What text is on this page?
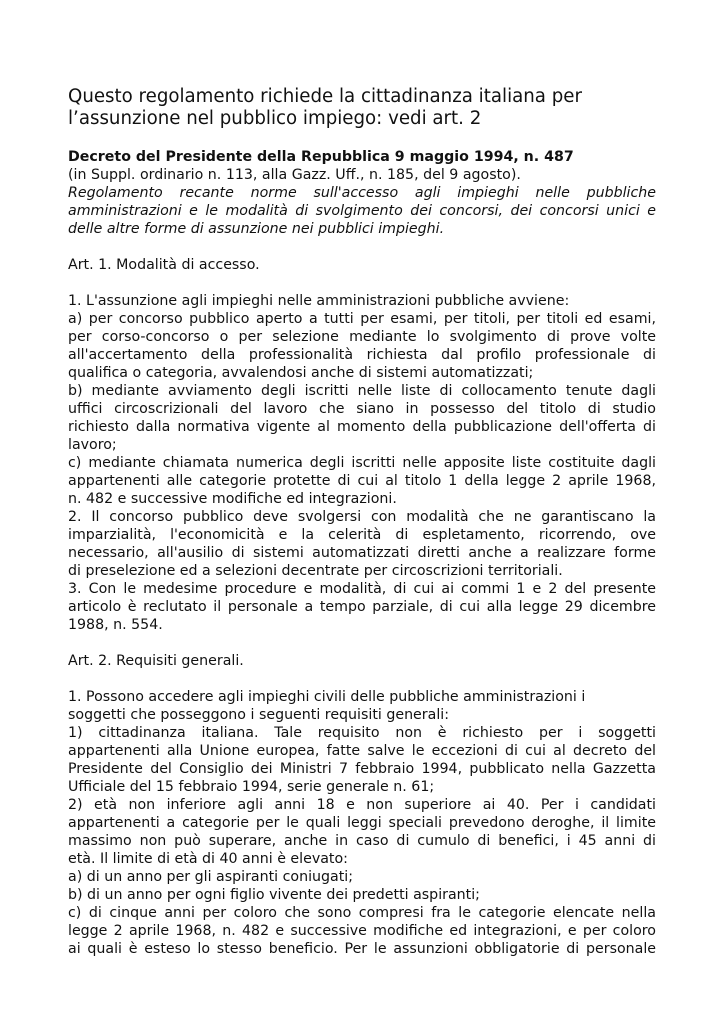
Questo regolamento richiede la cittadinanza italiana per
l’assunzione nel pubblico impiego: vedi art. 2
Decreto del Presidente della Repubblica 9 maggio 1994, n. 487
(in Suppl. ordinario n. 113, alla Gazz. Uff., n. 185, del 9 agosto).
Regolamento recante norme sull'accesso agli impieghi nelle pubbliche
amministrazioni e le modalità di svolgimento dei concorsi, dei concorsi unici e
delle altre forme di assunzione nei pubblici impieghi.
Art. 1. Modalità di accesso.
1. L'assunzione agli impieghi nelle amministrazioni pubbliche avviene:
a) per concorso pubblico aperto a tutti per esami, per titoli, per titoli ed esami,
per corso-concorso o per selezione mediante lo svolgimento di prove volte
all'accertamento della professionalità richiesta dal profilo professionale di
qualifica o categoria, avvalendosi anche di sistemi automatizzati;
b) mediante avviamento degli iscritti nelle liste di collocamento tenute dagli
uffici circoscrizionali del lavoro che siano in possesso del titolo di studio
richiesto dalla normativa vigente al momento della pubblicazione dell'offerta di
lavoro;
c) mediante chiamata numerica degli iscritti nelle apposite liste costituite dagli
appartenenti alle categorie protette di cui al titolo 1 della legge 2 aprile 1968,
n. 482 e successive modifiche ed integrazioni.
2. Il concorso pubblico deve svolgersi con modalità che ne garantiscano la
imparzialità, l'economicità e la celerità di espletamento, ricorrendo, ove
necessario, all'ausilio di sistemi automatizzati diretti anche a realizzare forme
di preselezione ed a selezioni decentrate per circoscrizioni territoriali.
3. Con le medesime procedure e modalità, di cui ai commi 1 e 2 del presente
articolo è reclutato il personale a tempo parziale, di cui alla legge 29 dicembre
1988, n. 554.
Art. 2. Requisiti generali.
1. Possono accedere agli impieghi civili delle pubbliche amministrazioni i
soggetti che posseggono i seguenti requisiti generali:
1) cittadinanza italiana. Tale requisito non è richiesto per i soggetti
appartenenti alla Unione europea, fatte salve le eccezioni di cui al decreto del
Presidente del Consiglio dei Ministri 7 febbraio 1994, pubblicato nella Gazzetta
Ufficiale del 15 febbraio 1994, serie generale n. 61;
2) età non inferiore agli anni 18 e non superiore ai 40. Per i candidati
appartenenti a categorie per le quali leggi speciali prevedono deroghe, il limite
massimo non può superare, anche in caso di cumulo di benefici, i 45 anni di
età. Il limite di età di 40 anni è elevato:
a) di un anno per gli aspiranti coniugati;
b) di un anno per ogni figlio vivente dei predetti aspiranti;
c) di cinque anni per coloro che sono compresi fra le categorie elencate nella
legge 2 aprile 1968, n. 482 e successive modifiche ed integrazioni, e per coloro
ai quali è esteso lo stesso beneficio. Per le assunzioni obbligatorie di personale
